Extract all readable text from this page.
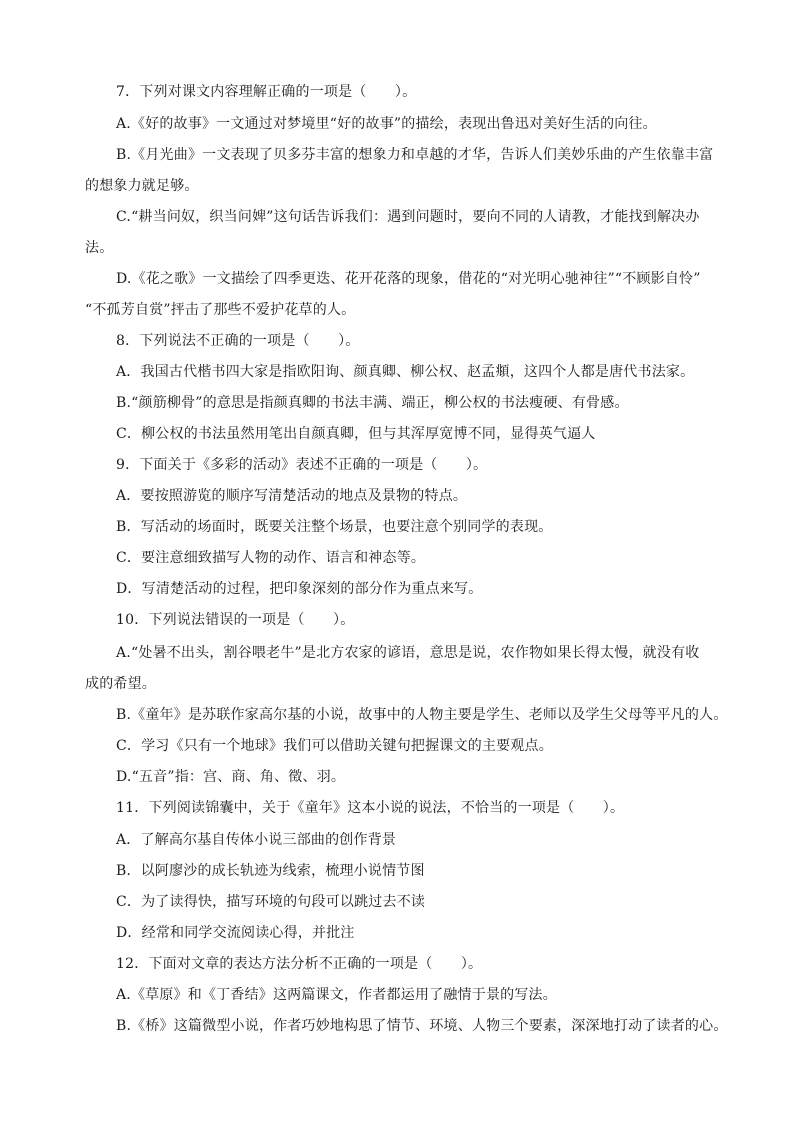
7．下列对课文内容理解正确的一项是（　　）。
A.《好的故事》一文通过对梦境里“好的故事”的描绘，表现出鲁迅对美好生活的向往。
B.《月光曲》一文表现了贝多芬丰富的想象力和卓越的才华，告诉人们美妙乐曲的产生依靠丰富
的想象力就足够。
C.“耕当问奴，织当问婢”这句话告诉我们：遇到问题时，要向不同的人请教，才能找到解决办
法。
D.《花之歌》一文描绘了四季更迭、花开花落的现象，借花的“对光明心驰神往”“不顾影自怜”
“不孤芳自赏”抨击了那些不爱护花草的人。
8．下列说法不正确的一项是（　　）。
A．我国古代楷书四大家是指欧阳询、颜真卿、柳公权、赵孟頫，这四个人都是唐代书法家。
B.“颜筋柳骨”的意思是指颜真卿的书法丰满、端正，柳公权的书法瘦硬、有骨感。
C．柳公权的书法虽然用笔出自颜真卿，但与其浑厚宽博不同，显得英气逼人
9．下面关于《多彩的活动》表述不正确的一项是（　　）。
A．要按照游览的顺序写清楚活动的地点及景物的特点。
B．写活动的场面时，既要关注整个场景，也要注意个别同学的表现。
C．要注意细致描写人物的动作、语言和神态等。
D．写清楚活动的过程，把印象深刻的部分作为重点来写。
10．下列说法错误的一项是（　　）。
A.“处暑不出头，割谷喂老牛”是北方农家的谚语，意思是说，农作物如果长得太慢，就没有收
成的希望。
B.《童年》是苏联作家高尔基的小说，故事中的人物主要是学生、老师以及学生父母等平凡的人。
C．学习《只有一个地球》我们可以借助关键句把握课文的主要观点。
D.“五音”指：宫、商、角、徵、羽。
11．下列阅读锦囊中，关于《童年》这本小说的说法，不恰当的一项是（　　）。
A．了解高尔基自传体小说三部曲的创作背景
B．以阿廖沙的成长轨迹为线索，梳理小说情节图
C．为了读得快，描写环境的句段可以跳过去不读
D．经常和同学交流阅读心得，并批注
12．下面对文章的表达方法分析不正确的一项是（　　）。
A.《草原》和《丁香结》这两篇课文，作者都运用了融情于景的写法。
B.《桥》这篇微型小说，作者巧妙地构思了情节、环境、人物三个要素，深深地打动了读者的心。
